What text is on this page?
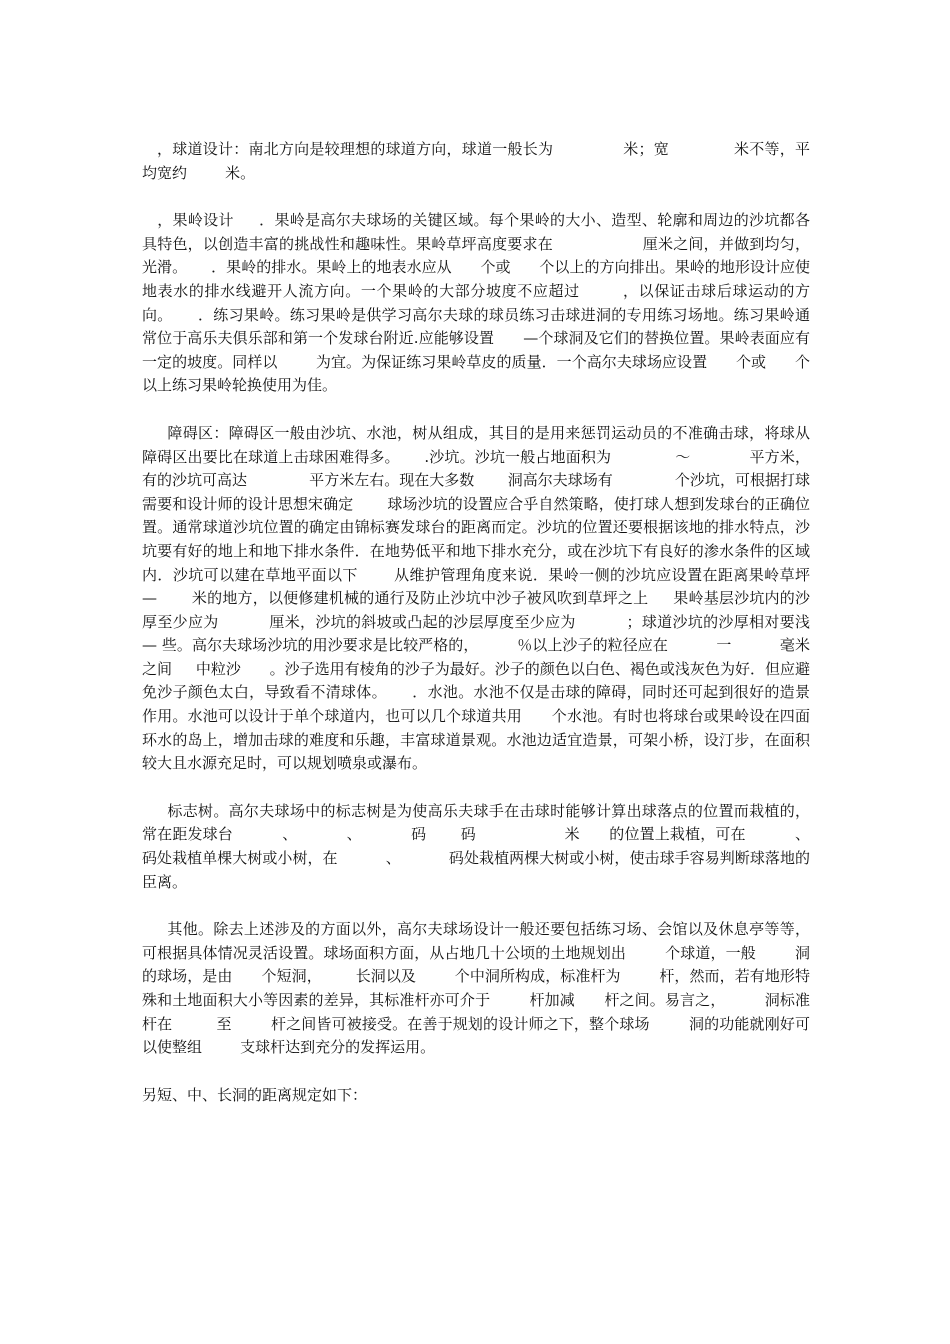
，球道设计：南北方向是较理想的球道方向，球道一般长为              米；宽             米不等，平均宽约        米。

，果岭设计     ．果岭是高尔夫球场的关键区域。每个果岭的大小、造型、轮廓和周边的沙坑都各具特色，以创造丰富的挑战性和趣味性。果岭草坪高度要求在                  厘米之间，并做到均匀，光滑。     ．果岭的排水。果岭上的地表水应从      个或      个以上的方向排出。果岭的地形设计应使地表水的排水线避开人流方向。一个果岭的大部分坡度不应超过        ，以保证击球后球运动的方向。     ．练习果岭。练习果岭是供学习高尔夫球的球员练习击球进洞的专用练习场地。练习果岭通常位于高乐夫俱乐部和第一个发球台附近.应能够设置      —个球洞及它们的替换位置。果岭表面应有一定的坡度。同样以        为宜。为保证练习果岭草皮的质量．一个高尔夫球场应设置      个或      个以上练习果岭轮换使用为佳。

障碍区：障碍区一般由沙坑、水池，树从组成，其目的是用来惩罚运动员的不准确击球，将球从障碍区出要比在球道上击球困难得多。     .沙坑。沙坑一般占地面积为             ～            平方米，有的沙坑可高达             平方米左右。现在大多数       洞高尔夫球场有             个沙坑，可根据打球需要和设计师的设计思想宋确定       球场沙坑的设置应合乎自然策略，使打球人想到发球台的正确位置。通常球道沙坑位置的确定由锦标赛发球台的距离而定。沙坑的位置还要根据该地的排水特点，沙坑要有好的地上和地下排水条件．在地势低平和地下排水充分，或在沙坑下有良好的渗水条件的区域内．沙坑可以建在草地平面以下       从维护管理角度来说．果岭一侧的沙坑应设置在距离果岭草坪       —       米的地方，以便修建机械的通行及防止沙坑中沙子被风吹到草坪之上     果岭基层沙坑内的沙厚至少应为          厘米，沙坑的斜坡或凸起的沙层厚度至少应为          ；球道沙坑的沙厚相对要浅 — 些。高尔夫球场沙坑的用沙要求是比较严格的，        ％以上沙子的粒径应在          一          毫米之间     中粒沙      。沙子选用有棱角的沙子为最好。沙子的颜色以白色、褐色或浅灰色为好．但应避免沙子颜色太白，导致看不清球体。     ．水池。水池不仅是击球的障碍，同时还可起到很好的造景作用。水池可以设计于单个球道内，也可以几个球道共用      个水池。有时也将球台或果岭设在四面环水的岛上，增加击球的难度和乐趣，丰富球道景观。水池边适宜造景，可架小桥，设汀步，在面积较大且水源充足时，可以规划喷泉或瀑布。

标志树。高尔夫球场中的标志树是为使高乐夫球手在击球时能够计算出球落点的位置而栽植的，常在距发球台          、          、          码       码                  米      的位置上栽植，可在          、          码处栽植单棵大树或小树，在          、          码处栽植两棵大树或小树，使击球手容易判断球落地的臣离。

其他。除去上述涉及的方面以外，高尔夫球场设计一般还要包括练习场、会馆以及休息亭等等，可根据具体情况灵活设置。球场面积方面，从占地几十公顷的土地规划出        个球道，一般        洞的球场，是由      个短洞，       长洞以及        个中洞所构成，标准杆为        杆，然而，若有地形特殊和土地面积大小等因素的差异，其标准杆亦可介于        杆加减      杆之间。易言之，        洞标准杆在         至        杆之间皆可被接受。在善于规划的设计师之下，整个球场        洞的功能就刚好可以使整组        支球杆达到充分的发挥运用。

另短、中、长洞的距离规定如下：
